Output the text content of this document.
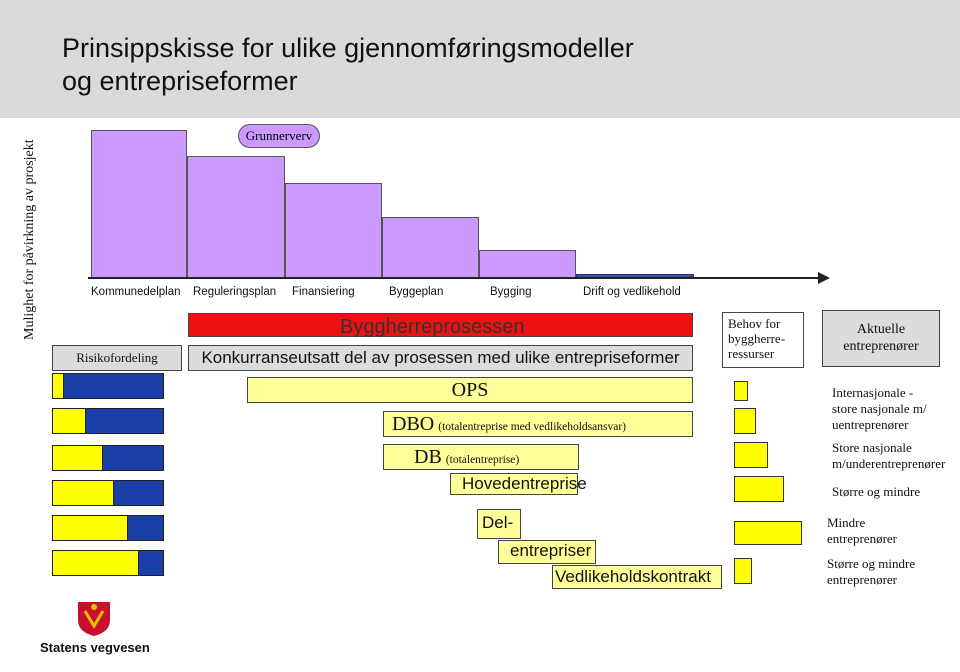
Prinsippskisse for ulike gjennomføringsmodeller
og entrepriseformer
Mulighet for påvirkning av prosjekt
Grunnerverv
Kommunedelplan Reguleringsplan Finansiering	Byggeplan	Bygging	Drift og vedlikehold
Byggherreprosessen
Konkurranseutsatt del av prosessen med ulike entrepriseformer
OPS
DBO (totalentreprise med vedlikeholdsansvar)
DB (totalentreprise)
Hovedentreprise
Del-
entrepriser
Vedlikeholdskontrakt
Risikofordeling
Behov for
byggherre-
ressurser
Aktuelle
entreprenører
Internasjonale -
store nasjonale m/
uentreprenører
Store nasjonale
m/underentreprenører
Større og mindre
Mindre
entreprenører
Større og mindre
entreprenører
Statens vegvesen
